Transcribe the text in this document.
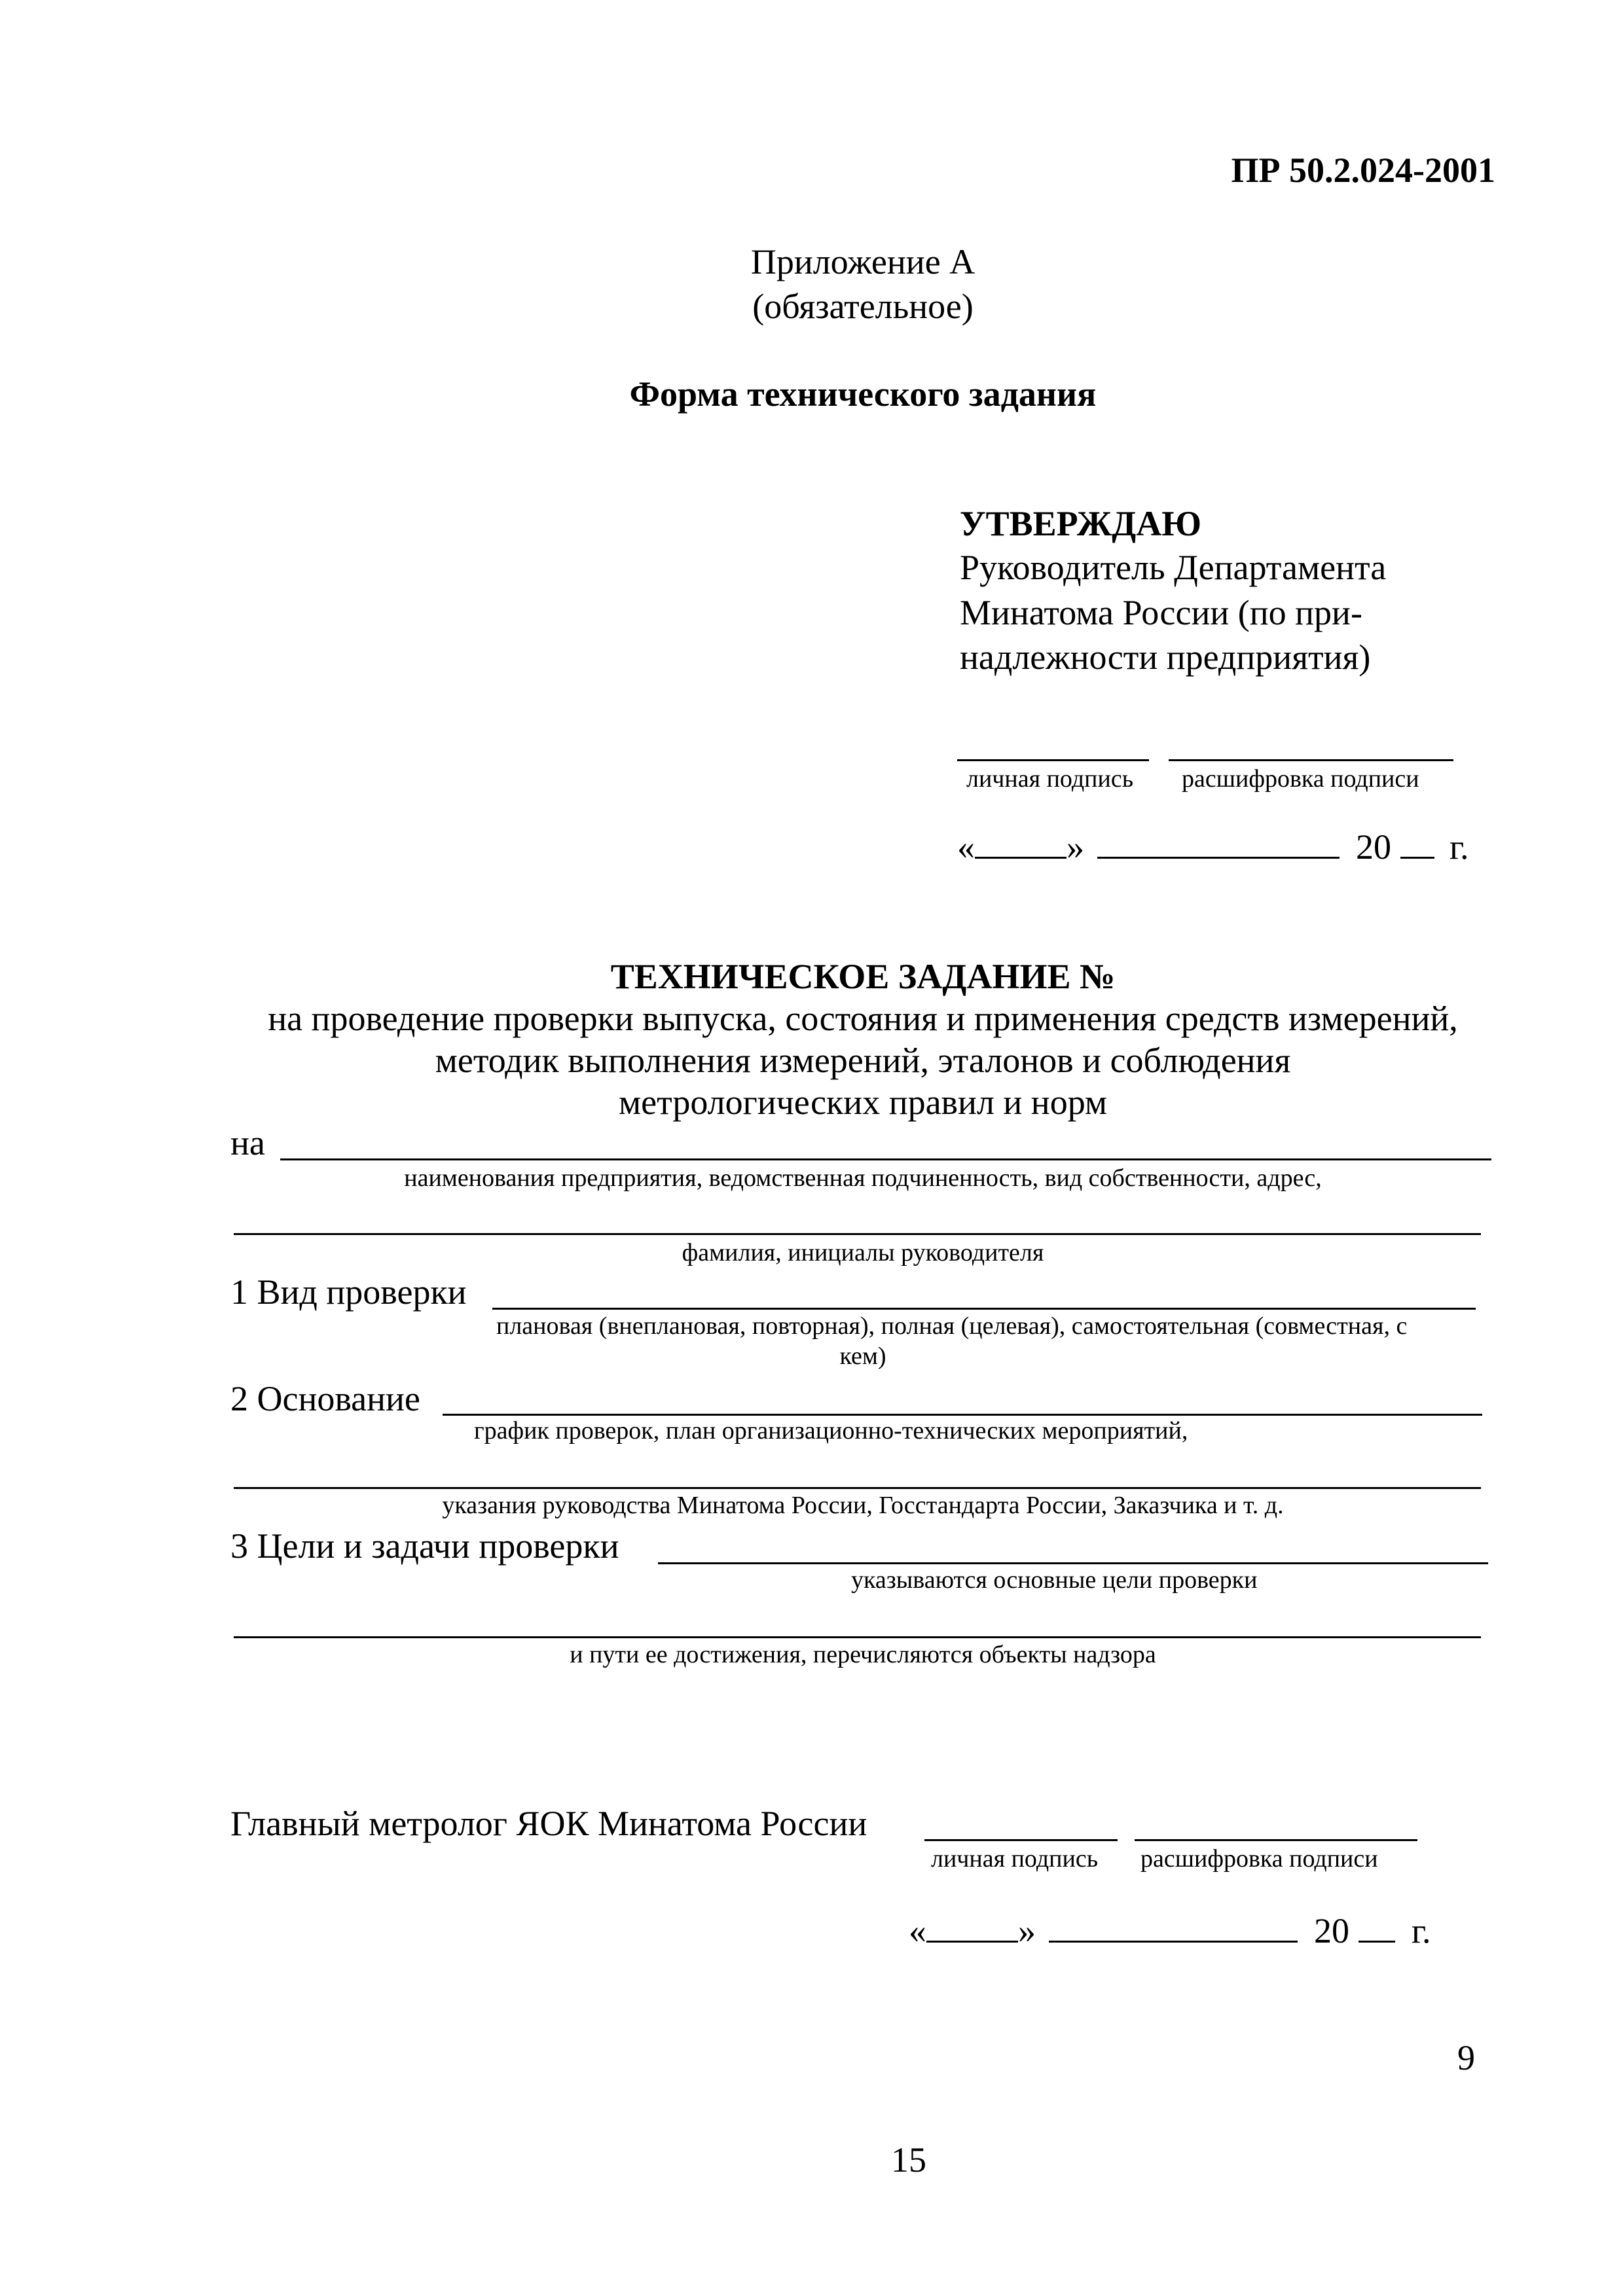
ПР 50.2.024-2001
Приложение А
(обязательное)
Форма технического задания
УТВЕРЖДАЮ
Руководитель Департамента
Минатома России (по при-
надлежности предприятия)
личная подпись расшифровка подписи
«	»	20 г.
ТЕХНИЧЕСКОЕ ЗАДАНИЕ №
на проведение проверки выпуска, состояния и применения средств измерений,
методик выполнения измерений, эталонов и соблюдения
метрологических правил и норм
на
наименования предприятия, ведомственная подчиненность, вид собственности, адрес,
фамилия, инициалы руководителя
1 Вид проверки
плановая (внеплановая, повторная), полная (целевая), самостоятельная (совместная, с
кем)
2 Основание
график проверок, план организационно-технических мероприятий,
указания руководства Минатома России, Госстандарта России, Заказчика и т. д.
3 Цели и задачи проверки
указываются основные цели проверки
и пути ее достижения, перечисляются объекты надзора
Главный метролог ЯОК Минатома России
личная подпись расшифровка подписи
«	»	20 г.
9
15
